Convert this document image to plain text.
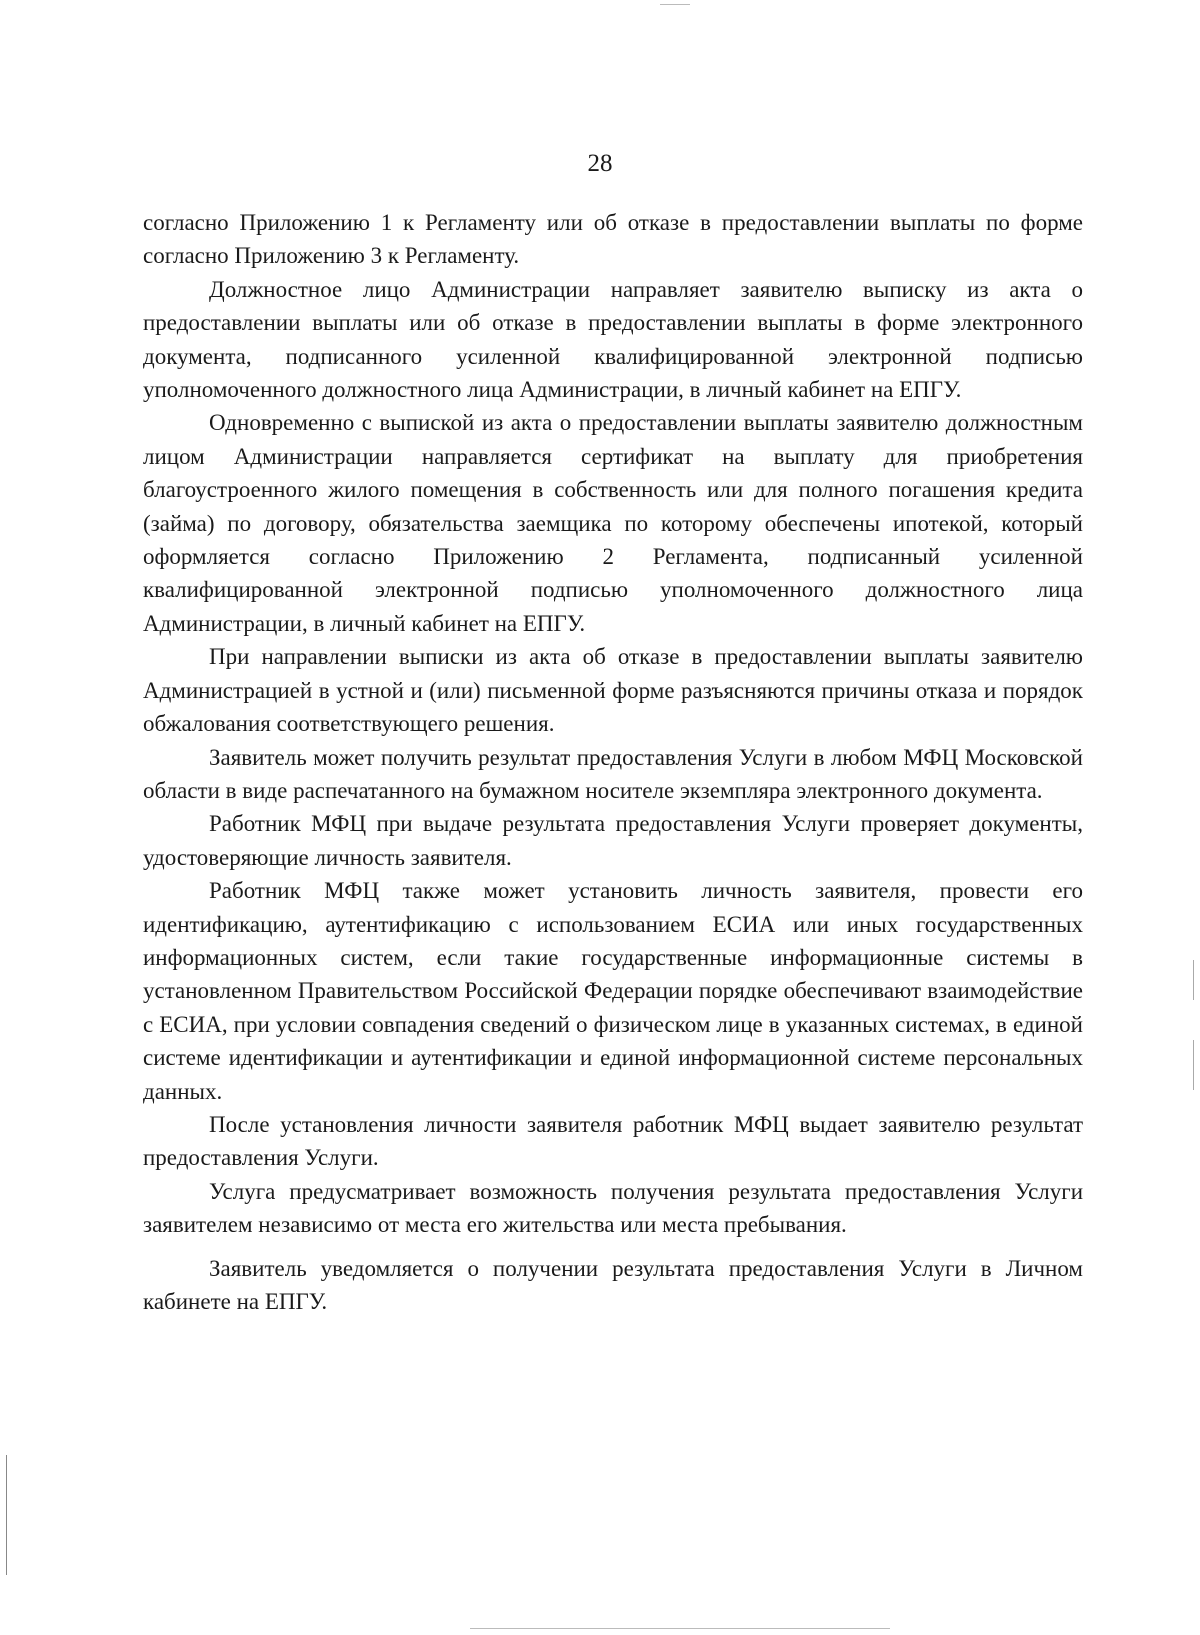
28

согласно Приложению 1 к Регламенту или об отказе в предоставлении выплаты по форме согласно Приложению 3 к Регламенту.

Должностное лицо Администрации направляет заявителю выписку из акта о предоставлении выплаты или об отказе в предоставлении выплаты в форме электронного документа, подписанного усиленной квалифицированной электронной подписью уполномоченного должностного лица Администрации, в личный кабинет на ЕПГУ.

Одновременно с выпиской из акта о предоставлении выплаты заявителю должностным лицом Администрации направляется сертификат на выплату для приобретения благоустроенного жилого помещения в собственность или для полного погашения кредита (займа) по договору, обязательства заемщика по которому обеспечены ипотекой, который оформляется согласно Приложению 2 Регламента, подписанный усиленной квалифицированной электронной подписью уполномоченного должностного лица Администрации, в личный кабинет на ЕПГУ.

При направлении выписки из акта об отказе в предоставлении выплаты заявителю Администрацией в устной и (или) письменной форме разъясняются причины отказа и порядок обжалования соответствующего решения.

Заявитель может получить результат предоставления Услуги в любом МФЦ Московской области в виде распечатанного на бумажном носителе экземпляра электронного документа.

Работник МФЦ при выдаче результата предоставления Услуги проверяет документы, удостоверяющие личность заявителя.

Работник МФЦ также может установить личность заявителя, провести его идентификацию, аутентификацию с использованием ЕСИА или иных государственных информационных систем, если такие государственные информационные системы в установленном Правительством Российской Федерации порядке обеспечивают взаимодействие с ЕСИА, при условии совпадения сведений о физическом лице в указанных системах, в единой системе идентификации и аутентификации и единой информационной системе персональных данных.

После установления личности заявителя работник МФЦ выдает заявителю результат предоставления Услуги.

Услуга предусматривает возможность получения результата предоставления Услуги заявителем независимо от места его жительства или места пребывания.

Заявитель уведомляется о получении результата предоставления Услуги в Личном кабинете на ЕПГУ.
